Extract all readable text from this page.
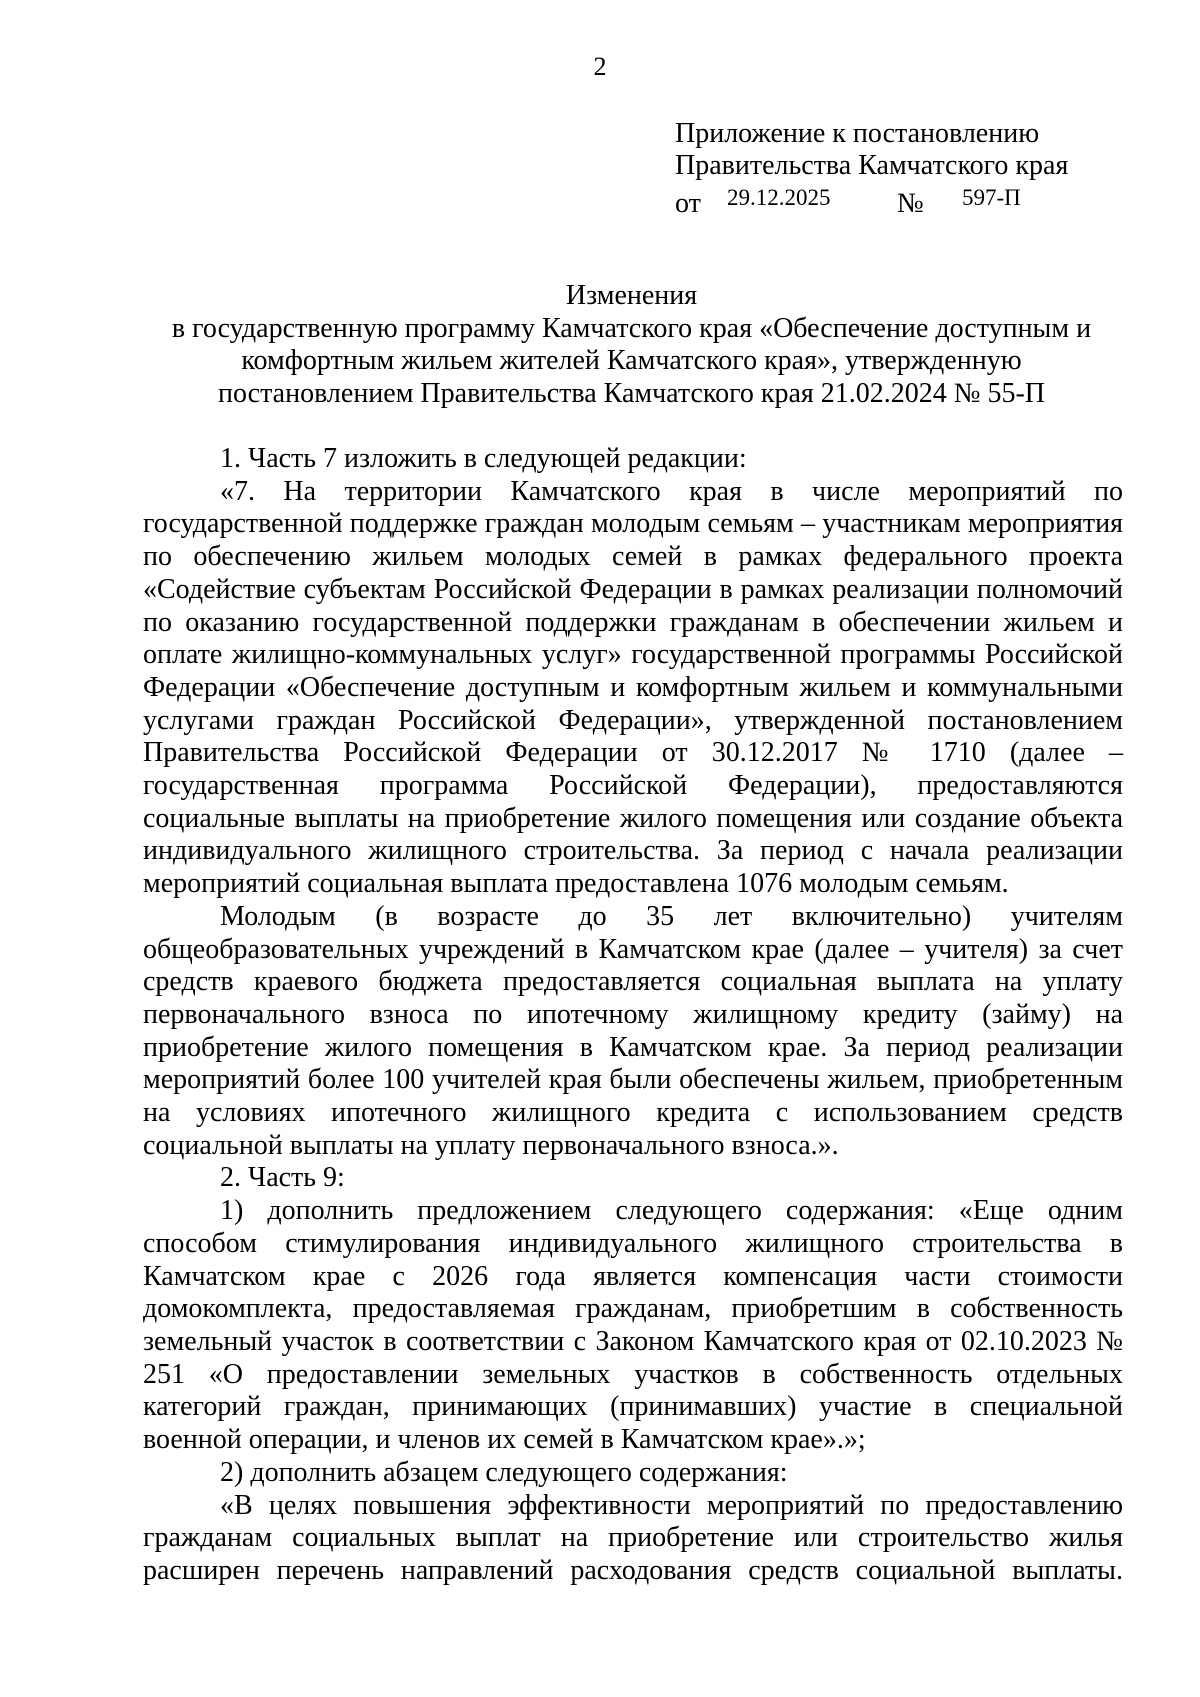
2
Приложение к постановлению
Правительства Камчатского края
от 29.12.2025 № 597-П
Изменения
в государственную программу Камчатского края «Обеспечение доступным и
комфортным жильем жителей Камчатского края», утвержденную
постановлением Правительства Камчатского края 21.02.2024 № 55-П

1. Часть 7 изложить в следующей редакции:

«7. На территории Камчатского края в числе мероприятий по государственной поддержке граждан молодым семьям – участникам мероприятия по обеспечению жильем молодых семей в рамках федерального проекта «Содействие субъектам Российской Федерации в рамках реализации полномочий по оказанию государственной поддержки гражданам в обеспечении жильем и оплате жилищно-коммунальных услуг» государственной программы Российской Федерации «Обеспечение доступным и комфортным жильем и коммунальными услугами граждан Российской Федерации», утвержденной постановлением Правительства Российской Федерации от 30.12.2017 № 1710 (далее – государственная программа Российской Федерации), предоставляются социальные выплаты на приобретение жилого помещения или создание объекта индивидуального жилищного строительства. За период с начала реализации мероприятий социальная выплата предоставлена 1076 молодым семьям.

Молодым (в возрасте до 35 лет включительно) учителям общеобразовательных учреждений в Камчатском крае (далее – учителя) за счет средств краевого бюджета предоставляется социальная выплата на уплату первоначального взноса по ипотечному жилищному кредиту (займу) на приобретение жилого помещения в Камчатском крае. За период реализации мероприятий более 100 учителей края были обеспечены жильем, приобретенным на условиях ипотечного жилищного кредита с использованием средств социальной выплаты на уплату первоначального взноса.».

2. Часть 9:

1) дополнить предложением следующего содержания: «Еще одним способом стимулирования индивидуального жилищного строительства в Камчатском крае с 2026 года является компенсация части стоимости домокомплекта, предоставляемая гражданам, приобретшим в собственность земельный участок в соответствии с Законом Камчатского края от 02.10.2023 № 251 «О предоставлении земельных участков в собственность отдельных категорий граждан, принимающих (принимавших) участие в специальной военной операции, и членов их семей в Камчатском крае».»;

2) дополнить абзацем следующего содержания:

«В целях повышения эффективности мероприятий по предоставлению гражданам социальных выплат на приобретение или строительство жилья расширен перечень направлений расходования средств социальной выплаты.
